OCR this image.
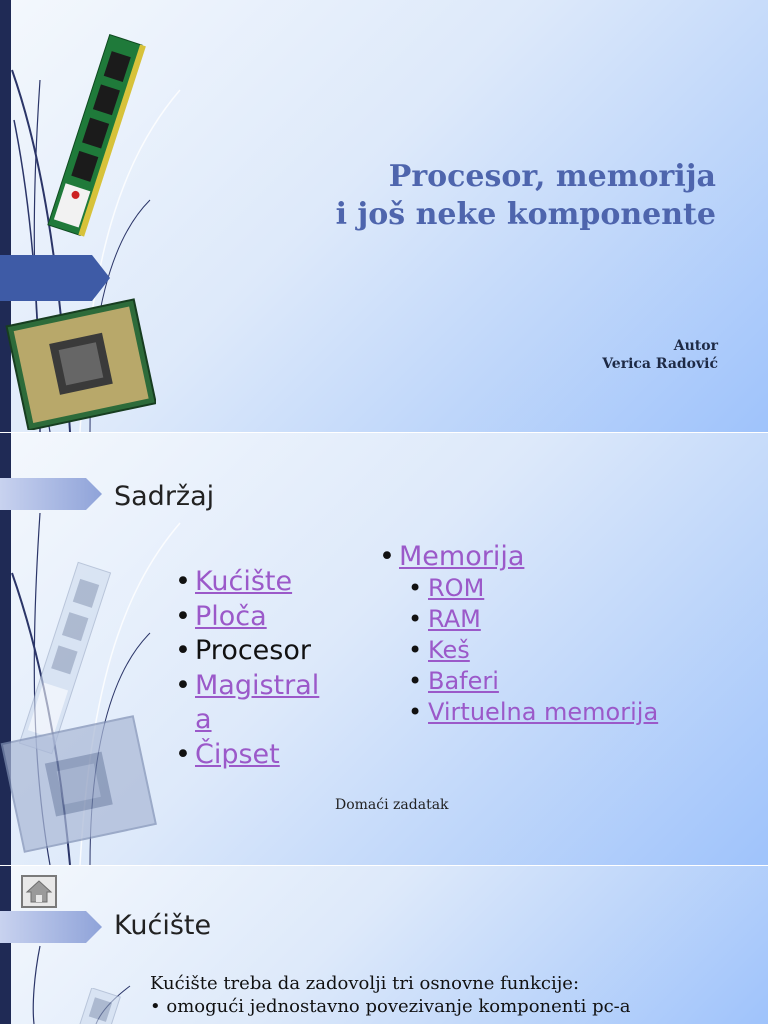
Procesor, memorija
i još neke komponente
Autor
Verica Radović
Sadržaj
• Kućište
• Ploča
• Procesor
• Magistral
a
• Čipset
• Memorija
• ROM
• RAM
• Keš
• Baferi
• Virtuelna memorija
Domaći zadatak
Kućište
Kućište treba da zadovolji tri osnovne funkcije:
• omogući jednostavno povezivanje komponenti pc-a
